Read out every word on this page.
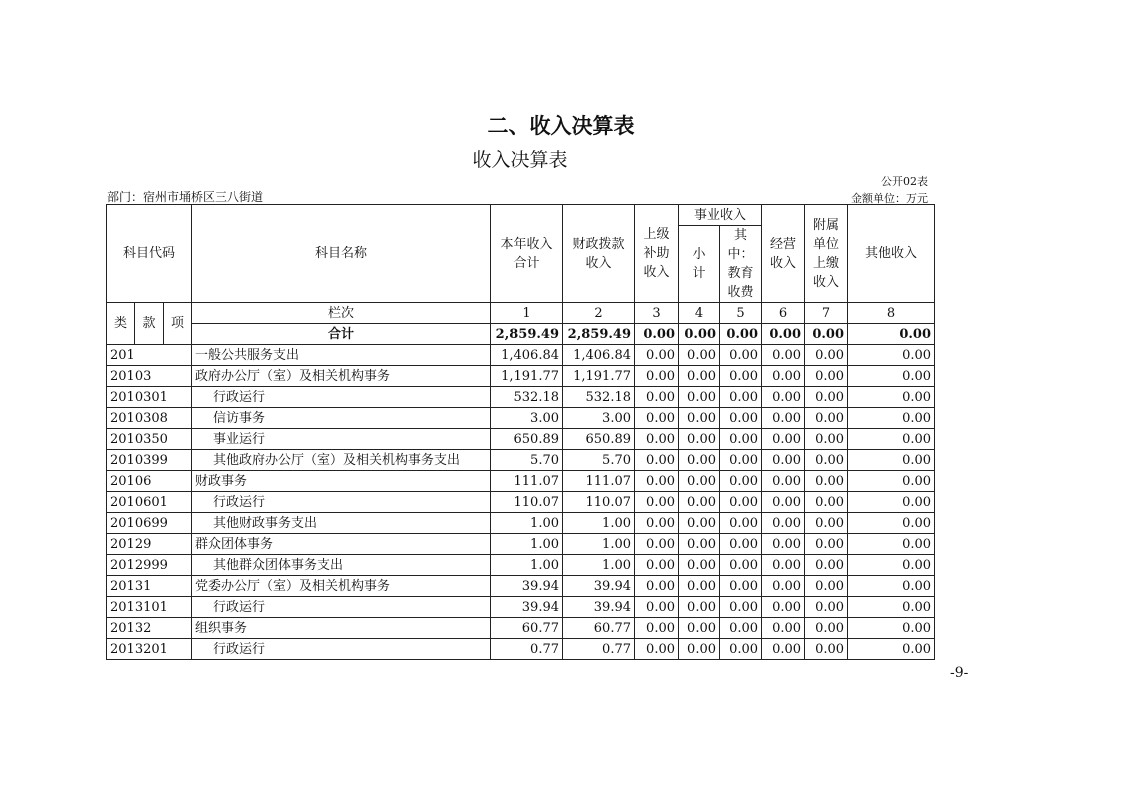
二、收入决算表
收入决算表
公开02表
部门：宿州市埇桥区三八街道	金额单位：万元
科目代码			科目名称	本年收入合计	财政拨款收入	上级补助收入	事业收入		经营收入	附属单位上缴收入	其他收入
							小计	其中：教育收费			

类	款	项	栏次	1	2	3	4	5	6	7	8
			合计	2,859.49	2,859.49	0.00	0.00	0.00	0.00	0.00	0.00
201			一般公共服务支出	1,406.84	1,406.84	0.00	0.00	0.00	0.00	0.00	0.00
20103			政府办公厅（室）及相关机构事务	1,191.77	1,191.77	0.00	0.00	0.00	0.00	0.00	0.00
2010301			行政运行	532.18	532.18	0.00	0.00	0.00	0.00	0.00	0.00
2010308			信访事务	3.00	3.00	0.00	0.00	0.00	0.00	0.00	0.00
2010350			事业运行	650.89	650.89	0.00	0.00	0.00	0.00	0.00	0.00
2010399			其他政府办公厅（室）及相关机构事务支出	5.70	5.70	0.00	0.00	0.00	0.00	0.00	0.00
20106			财政事务	111.07	111.07	0.00	0.00	0.00	0.00	0.00	0.00
2010601			行政运行	110.07	110.07	0.00	0.00	0.00	0.00	0.00	0.00
2010699			其他财政事务支出	1.00	1.00	0.00	0.00	0.00	0.00	0.00	0.00
20129			群众团体事务	1.00	1.00	0.00	0.00	0.00	0.00	0.00	0.00
2012999			其他群众团体事务支出	1.00	1.00	0.00	0.00	0.00	0.00	0.00	0.00
20131			党委办公厅（室）及相关机构事务	39.94	39.94	0.00	0.00	0.00	0.00	0.00	0.00
2013101			行政运行	39.94	39.94	0.00	0.00	0.00	0.00	0.00	0.00
20132			组织事务	60.77	60.77	0.00	0.00	0.00	0.00	0.00	0.00
2013201			行政运行	0.77	0.77	0.00	0.00	0.00	0.00	0.00	0.00
-9-
